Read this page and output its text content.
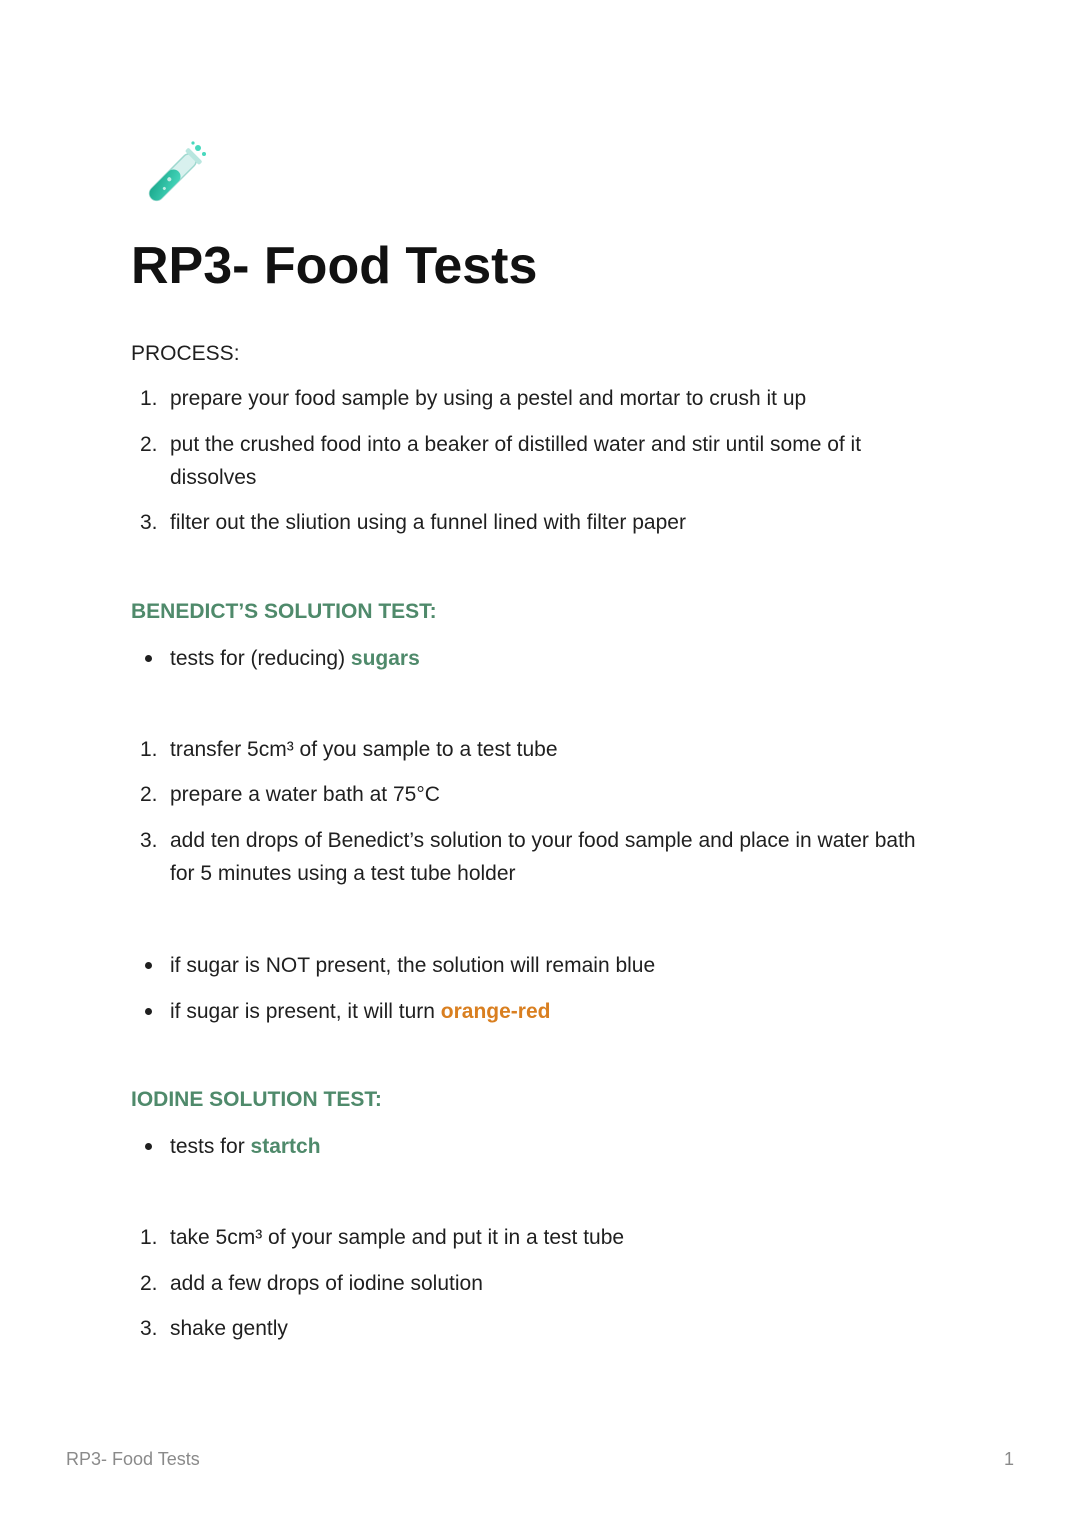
RP3- Food Tests
PROCESS:
1. prepare your food sample by using a pestel and mortar to crush it up
2. put the crushed food into a beaker of distilled water and stir until some of it
dissolves
3. filter out the sliution using a funnel lined with filter paper
BENEDICT’S SOLUTION TEST:
tests for (reducing) sugars
1. transfer 5cm³ of you sample to a test tube
2. prepare a water bath at 75°C
3. add ten drops of Benedict’s solution to your food sample and place in water bath
for 5 minutes using a test tube holder
if sugar is NOT present, the solution will remain blue
if sugar is present, it will turn orange-red
IODINE SOLUTION TEST:
tests for startch
1. take 5cm³ of your sample and put it in a test tube
2. add a few drops of iodine solution
3. shake gently
RP3- Food Tests	1
